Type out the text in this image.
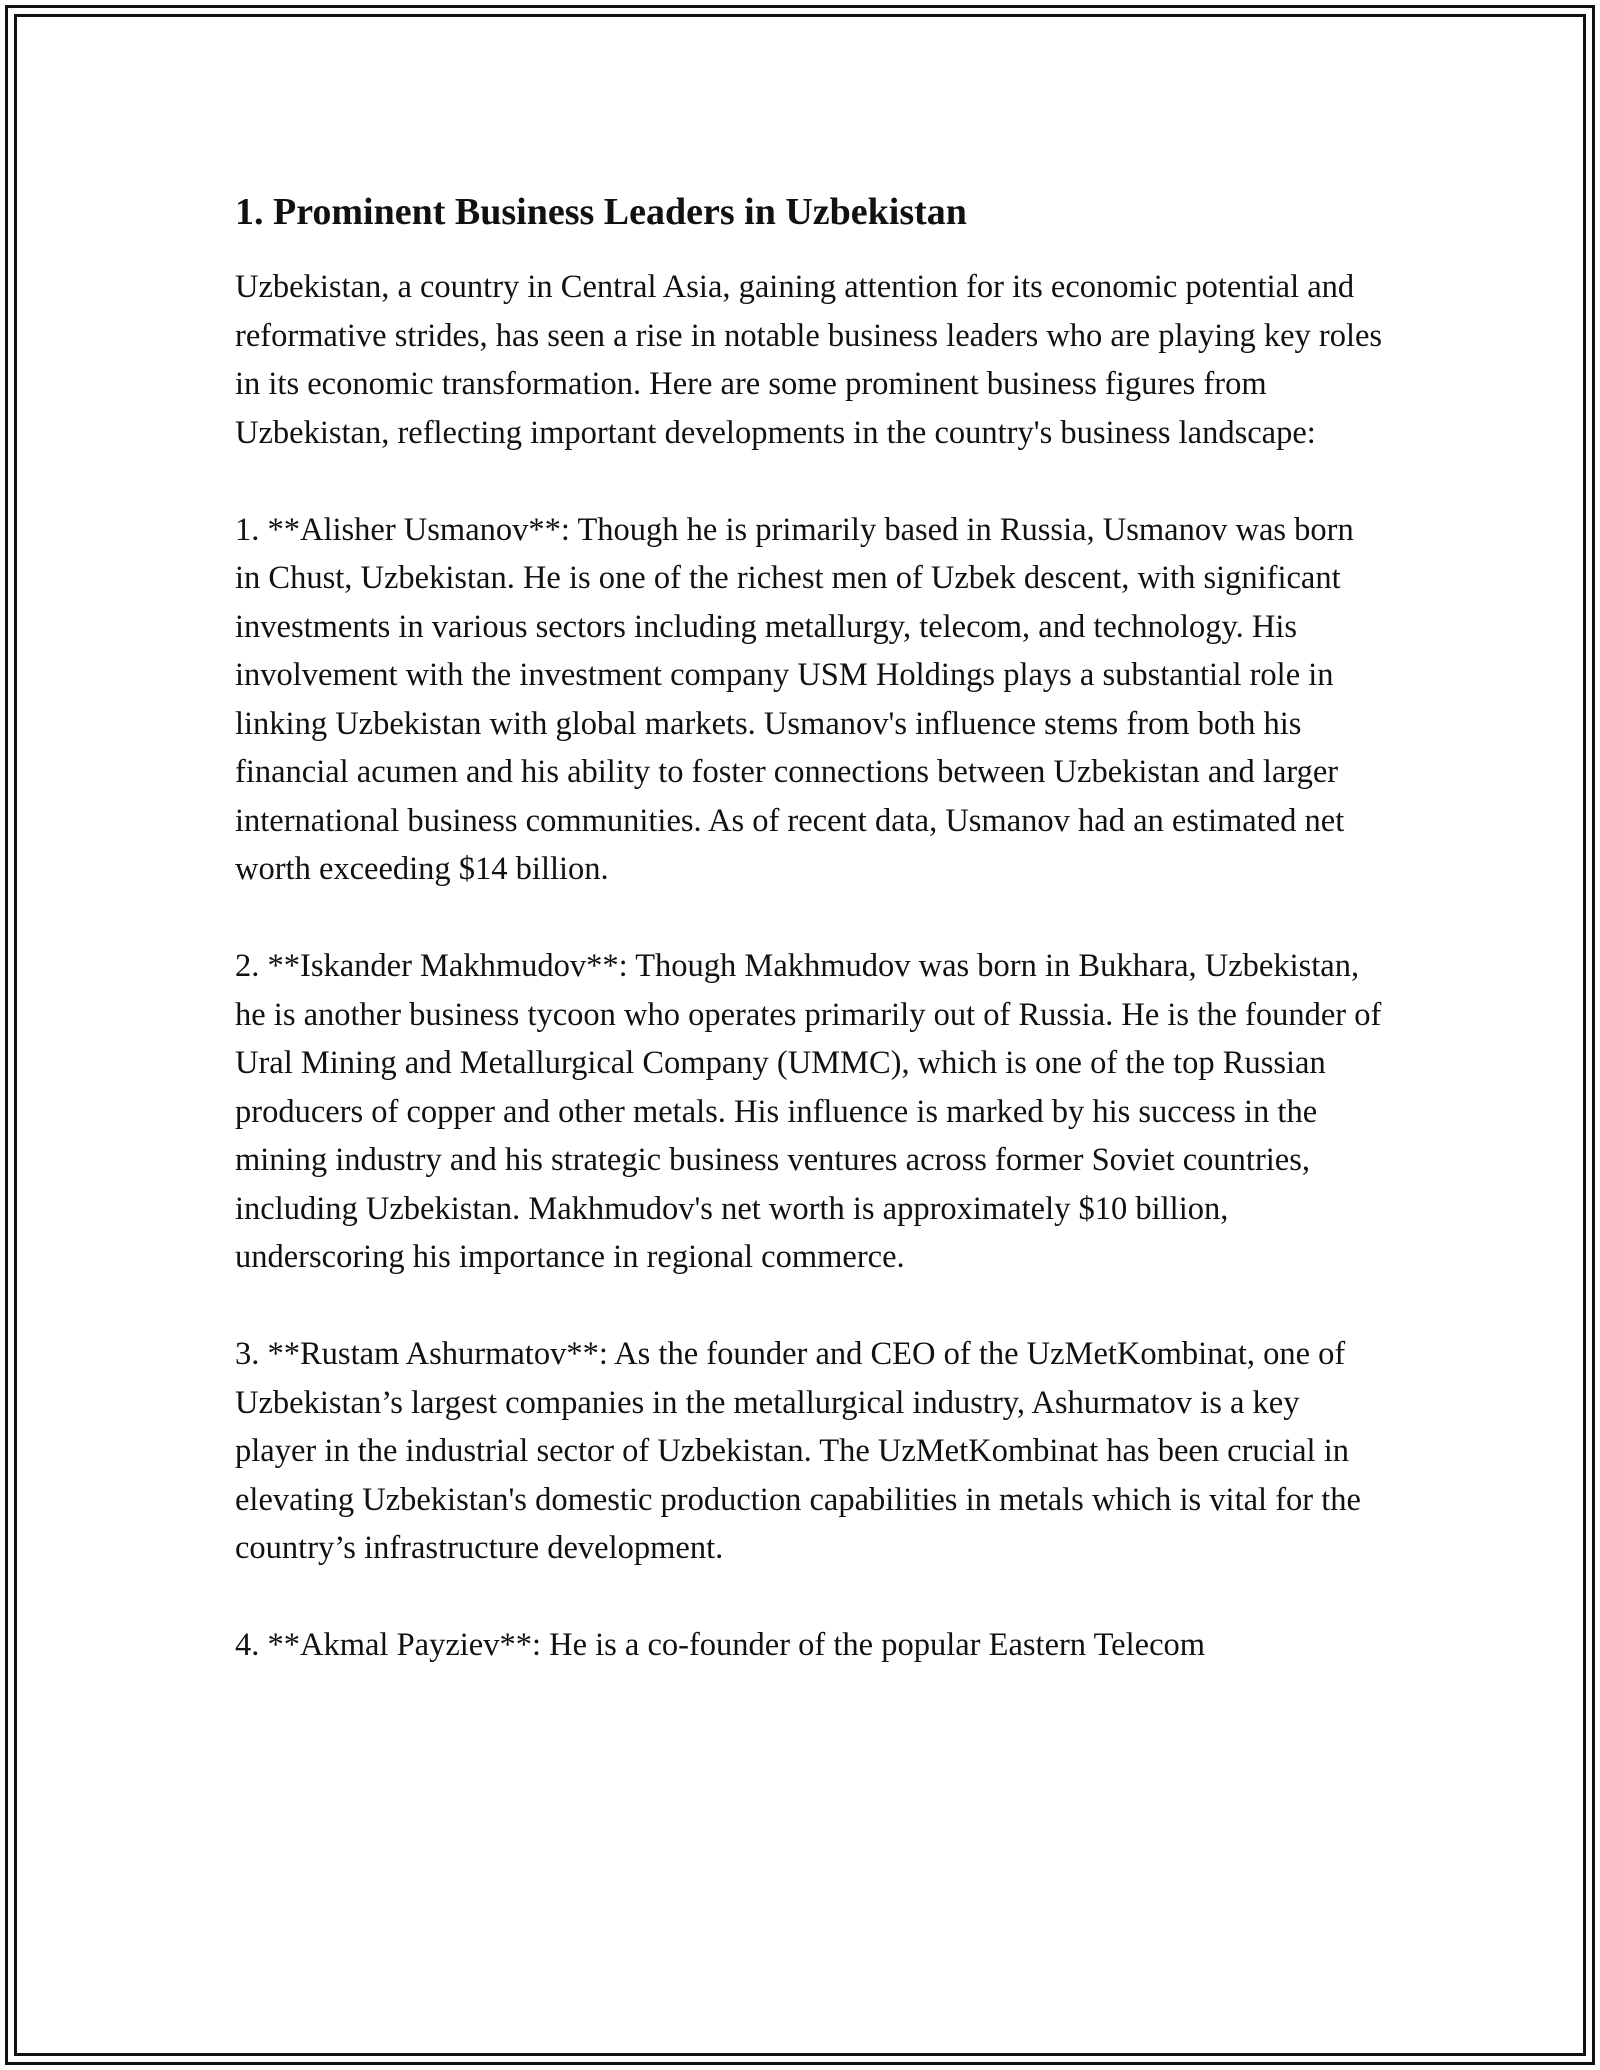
1. Prominent Business Leaders in Uzbekistan

Uzbekistan, a country in Central Asia, gaining attention for its economic potential and reformative strides, has seen a rise in notable business leaders who are playing key roles in its economic transformation. Here are some prominent business figures from Uzbekistan, reflecting important developments in the country's business landscape:

1. **Alisher Usmanov**: Though he is primarily based in Russia, Usmanov was born in Chust, Uzbekistan. He is one of the richest men of Uzbek descent, with significant investments in various sectors including metallurgy, telecom, and technology. His involvement with the investment company USM Holdings plays a substantial role in linking Uzbekistan with global markets. Usmanov's influence stems from both his financial acumen and his ability to foster connections between Uzbekistan and larger international business communities. As of recent data, Usmanov had an estimated net worth exceeding $14 billion.

2. **Iskander Makhmudov**: Though Makhmudov was born in Bukhara, Uzbekistan, he is another business tycoon who operates primarily out of Russia. He is the founder of Ural Mining and Metallurgical Company (UMMC), which is one of the top Russian producers of copper and other metals. His influence is marked by his success in the mining industry and his strategic business ventures across former Soviet countries, including Uzbekistan. Makhmudov's net worth is approximately $10 billion, underscoring his importance in regional commerce.

3. **Rustam Ashurmatov**: As the founder and CEO of the UzMetKombinat, one of Uzbekistan’s largest companies in the metallurgical industry, Ashurmatov is a key player in the industrial sector of Uzbekistan. The UzMetKombinat has been crucial in elevating Uzbekistan's domestic production capabilities in metals which is vital for the country’s infrastructure development.

4. **Akmal Payziev**: He is a co-founder of the popular Eastern Telecom
